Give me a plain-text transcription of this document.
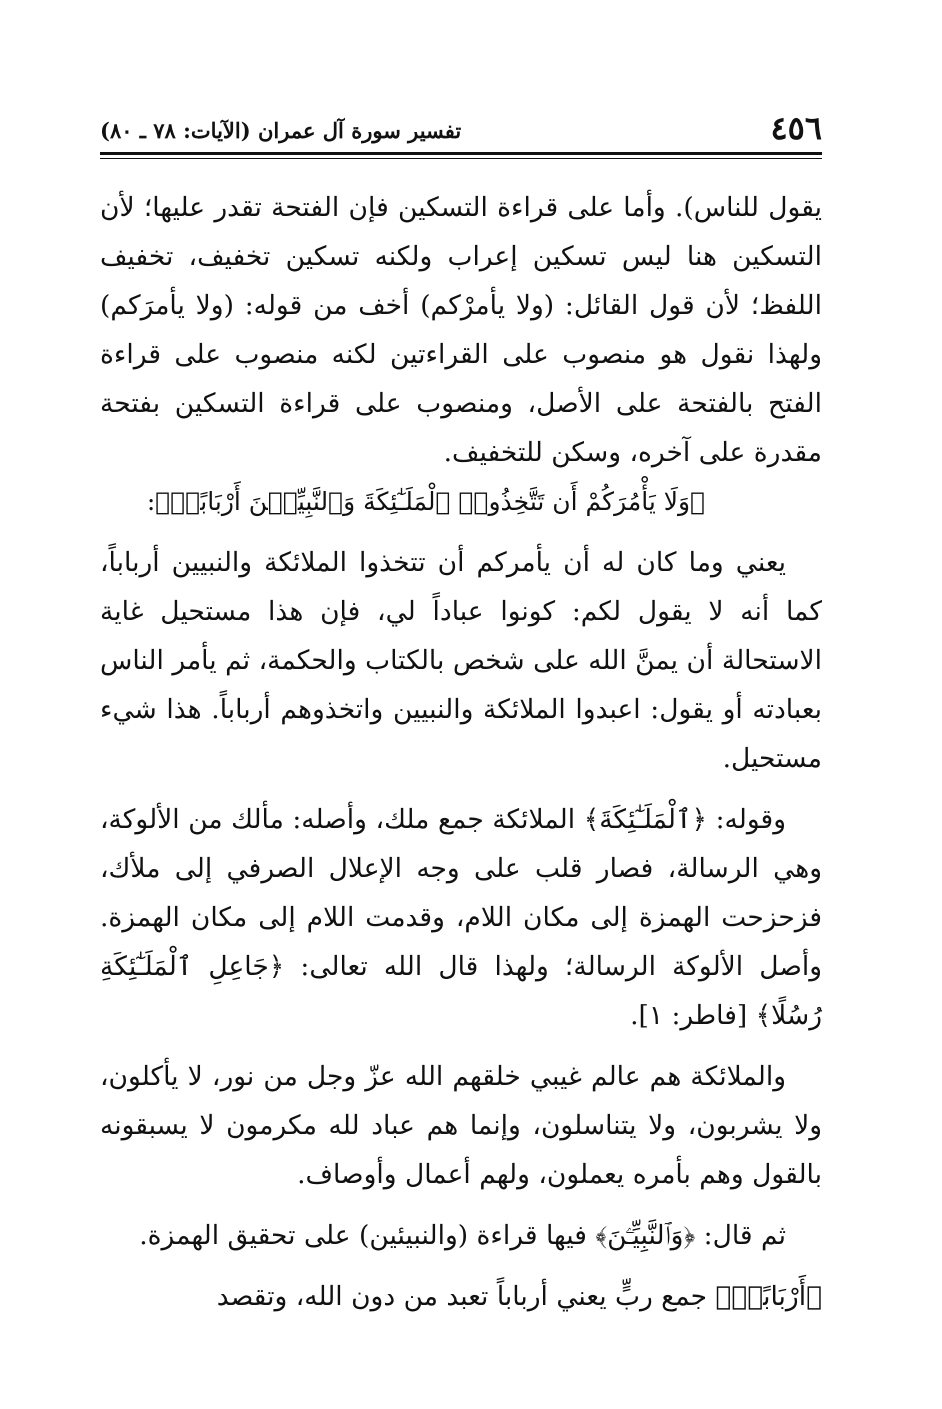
٤٥٦
تفسير سورة آل عمران (الآيات: ٧٨ ـ ٨٠)

يقول للناس). وأما على قراءة التسكين فإن الفتحة تقدر عليها؛ لأن التسكين هنا ليس تسكين إعراب ولكنه تسكين تخفيف، تخفيف اللفظ؛ لأن قول القائل: (ولا يأمرْكم) أخف من قوله: (ولا يأمرَكم) ولهذا نقول هو منصوب على القراءتين لكنه منصوب على قراءة الفتح بالفتحة على الأصل، ومنصوب على قراءة التسكين بفتحة مقدرة على آخره، وسكن للتخفيف.

﴿وَلَا يَأْمُرَكُمْ أَن تَتَّخِذُوا۟ ٱلْمَلَـٰٓئِكَةَ وَٱلنَّبِيِّـۧنَ أَرْبَابًاۗ﴾:

يعني وما كان له أن يأمركم أن تتخذوا الملائكة والنبيين أرباباً، كما أنه لا يقول لكم: كونوا عباداً لي، فإن هذا مستحيل غاية الاستحالة أن يمنَّ الله على شخص بالكتاب والحكمة، ثم يأمر الناس بعبادته أو يقول: اعبدوا الملائكة والنبيين واتخذوهم أرباباً. هذا شيء مستحيل.

وقوله: ﴿ٱلْمَلَـٰٓئِكَةَ﴾ الملائكة جمع ملك، وأصله: مألك من الألوكة، وهي الرسالة، فصار قلب على وجه الإعلال الصرفي إلى ملأك، فزحزحت الهمزة إلى مكان اللام، وقدمت اللام إلى مكان الهمزة. وأصل الألوكة الرسالة؛ ولهذا قال الله تعالى: ﴿جَاعِلِ ٱلْمَلَـٰٓئِكَةِ رُسُلًا﴾ [فاطر: ١].

والملائكة هم عالم غيبي خلقهم الله عزّ وجل من نور، لا يأكلون، ولا يشربون، ولا يتناسلون، وإنما هم عباد لله مكرمون لا يسبقونه بالقول وهم بأمره يعملون، ولهم أعمال وأوصاف.

ثم قال: ﴿وَٱلنَّبِيِّـۧنَ﴾ فيها قراءة (والنبيئين) على تحقيق الهمزة.

﴿أَرْبَابًاۗ﴾ جمع ربٍّ يعني أرباباً تعبد من دون الله، وتقصد
